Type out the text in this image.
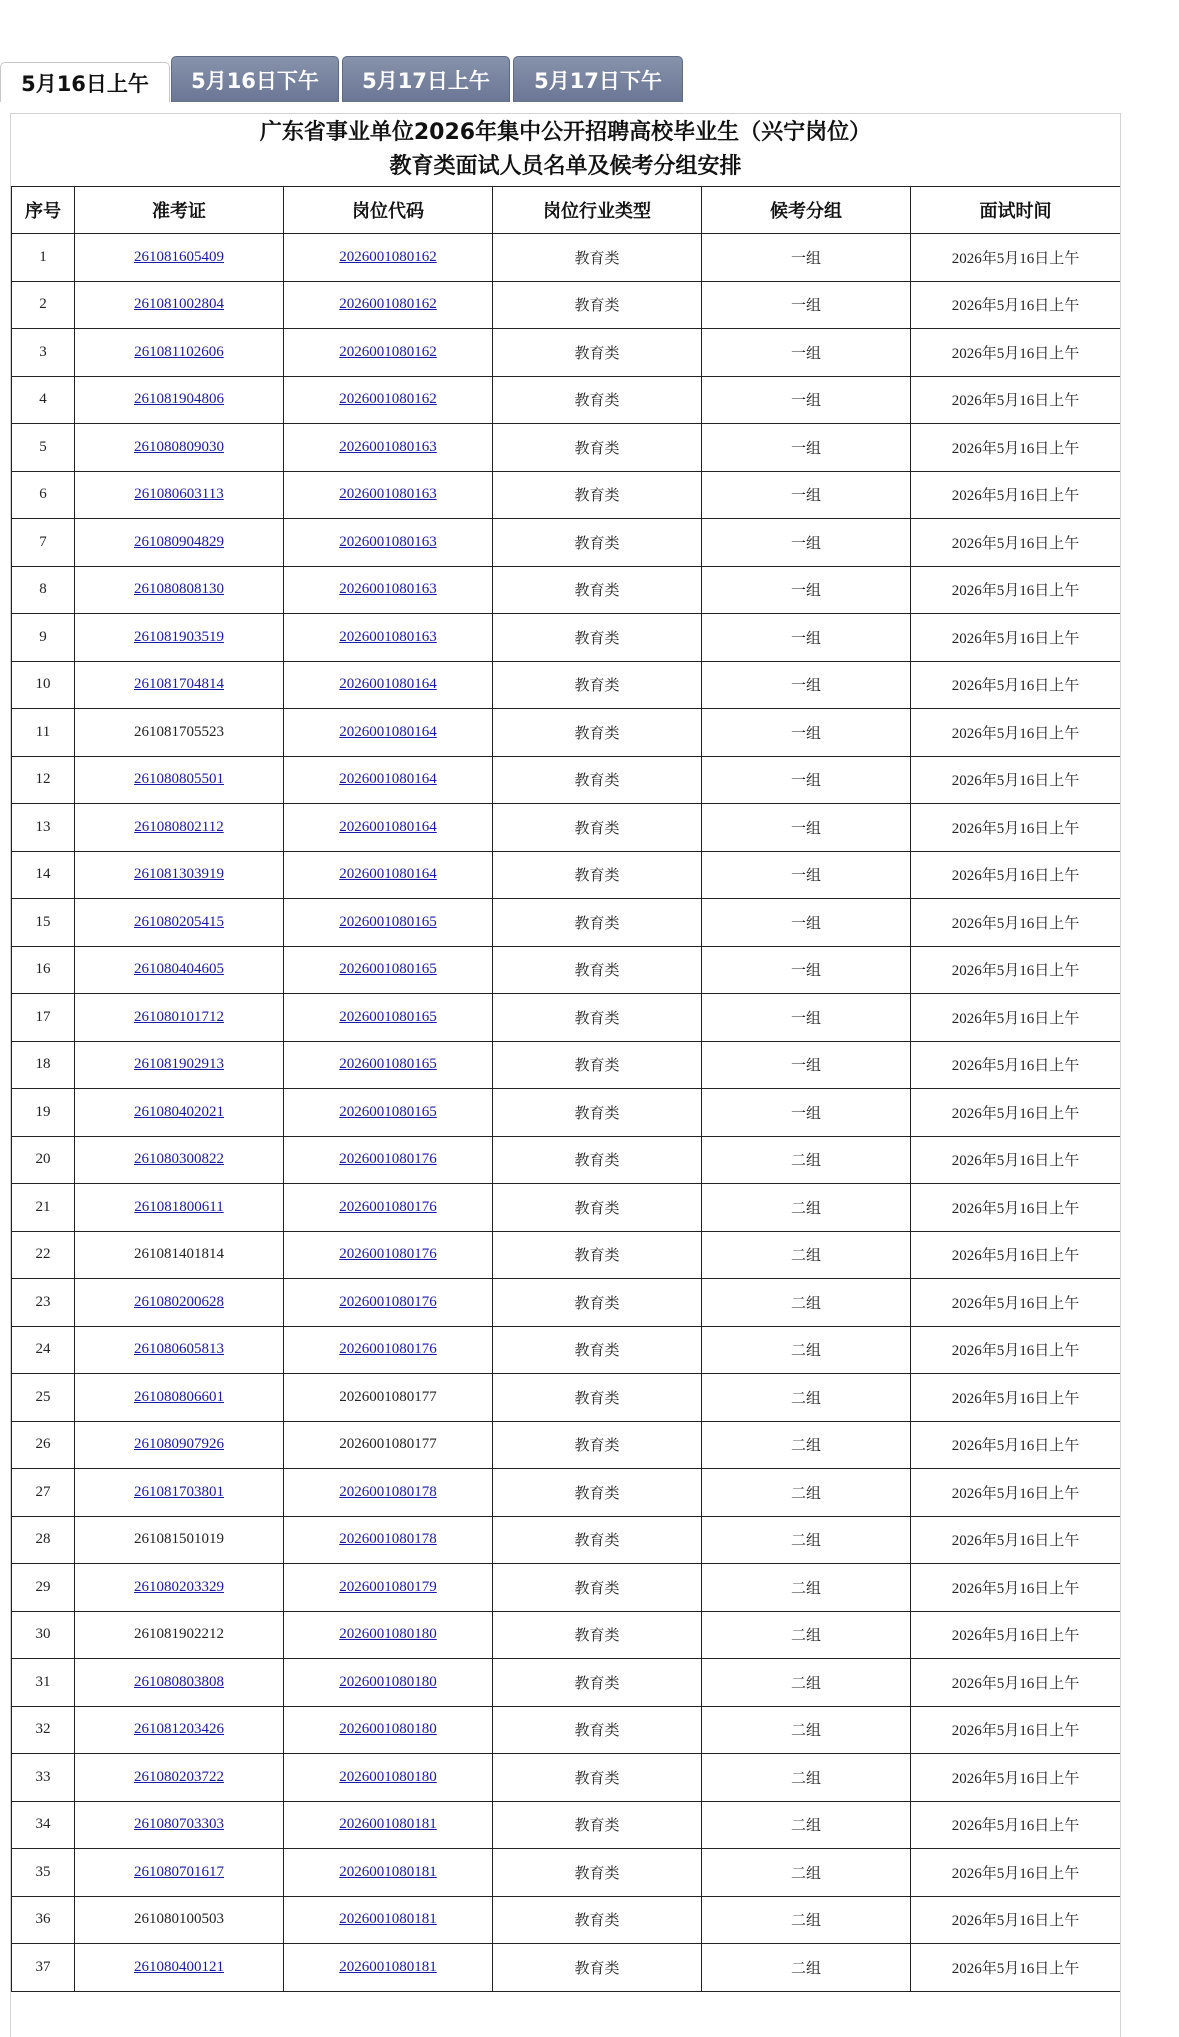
5月16日上午	5月16日下午	5月17日上午	5月17日下午
广东省事业单位2026年集中公开招聘高校毕业生（兴宁岗位）
教育类面试人员名单及候考分组安排
序号	准考证	岗位代码	岗位行业类型	候考分组	面试时间
1	261081605409	2026001080162	教育类	一组	2026年5月16日上午
2	261081002804	2026001080162	教育类	一组	2026年5月16日上午
3	261081102606	2026001080162	教育类	一组	2026年5月16日上午
4	261081904806	2026001080162	教育类	一组	2026年5月16日上午
5	261080809030	2026001080163	教育类	一组	2026年5月16日上午
6	261080603113	2026001080163	教育类	一组	2026年5月16日上午
7	261080904829	2026001080163	教育类	一组	2026年5月16日上午
8	261080808130	2026001080163	教育类	一组	2026年5月16日上午
9	261081903519	2026001080163	教育类	一组	2026年5月16日上午
10	261081704814	2026001080164	教育类	一组	2026年5月16日上午
11	261081705523	2026001080164	教育类	一组	2026年5月16日上午
12	261080805501	2026001080164	教育类	一组	2026年5月16日上午
13	261080802112	2026001080164	教育类	一组	2026年5月16日上午
14	261081303919	2026001080164	教育类	一组	2026年5月16日上午
15	261080205415	2026001080165	教育类	一组	2026年5月16日上午
16	261080404605	2026001080165	教育类	一组	2026年5月16日上午
17	261080101712	2026001080165	教育类	一组	2026年5月16日上午
18	261081902913	2026001080165	教育类	一组	2026年5月16日上午
19	261080402021	2026001080165	教育类	一组	2026年5月16日上午
20	261080300822	2026001080176	教育类	二组	2026年5月16日上午
21	261081800611	2026001080176	教育类	二组	2026年5月16日上午
22	261081401814	2026001080176	教育类	二组	2026年5月16日上午
23	261080200628	2026001080176	教育类	二组	2026年5月16日上午
24	261080605813	2026001080176	教育类	二组	2026年5月16日上午
25	261080806601	2026001080177	教育类	二组	2026年5月16日上午
26	261080907926	2026001080177	教育类	二组	2026年5月16日上午
27	261081703801	2026001080178	教育类	二组	2026年5月16日上午
28	261081501019	2026001080178	教育类	二组	2026年5月16日上午
29	261080203329	2026001080179	教育类	二组	2026年5月16日上午
30	261081902212	2026001080180	教育类	二组	2026年5月16日上午
31	261080803808	2026001080180	教育类	二组	2026年5月16日上午
32	261081203426	2026001080180	教育类	二组	2026年5月16日上午
33	261080203722	2026001080180	教育类	二组	2026年5月16日上午
34	261080703303	2026001080181	教育类	二组	2026年5月16日上午
35	261080701617	2026001080181	教育类	二组	2026年5月16日上午
36	261080100503	2026001080181	教育类	二组	2026年5月16日上午
37	261080400121	2026001080181	教育类	二组	2026年5月16日上午
